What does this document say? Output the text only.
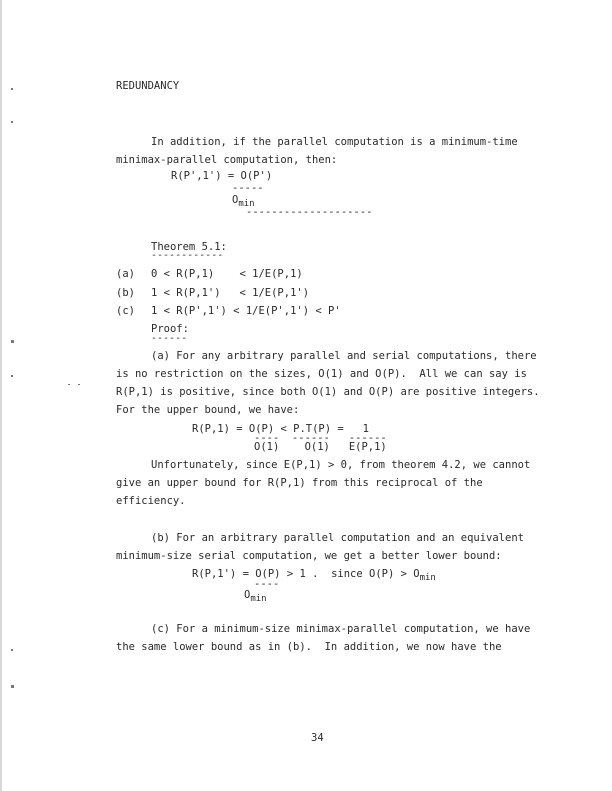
REDUNDANCY
In addition, if the parallel computation is a minimum-time
minimax-parallel computation, then:
R(P',1') = O(P')
-----
Omin
--------------------
Theorem 5.1:
------------
(a) 0 < R(P,1)    < 1/E(P,1)
(b) 1 < R(P,1')   < 1/E(P,1')
(c) 1 < R(P',1') < 1/E(P',1') < P'
Proof:
------
(a) For any arbitrary parallel and serial computations, there
is no restriction on the sizes, O(1) and O(P).  All we can say is
R(P,1) is positive, since both O(1) and O(P) are positive integers.
For the upper bound, we have:
R(P,1) = O(P) < P.T(P) =   1
----  ------   ------
O(1)    O(1)   E(P,1)
Unfortunately, since E(P,1) > 0, from theorem 4.2, we cannot
give an upper bound for R(P,1) from this reciprocal of the
efficiency.
(b) For an arbitrary parallel computation and an equivalent
minimum-size serial computation, we get a better lower bound:
R(P,1') = O(P) > 1 .  since O(P) > Omin
----
Omin
(c) For a minimum-size minimax-parallel computation, we have
the same lower bound as in (b).  In addition, we now have the
34
